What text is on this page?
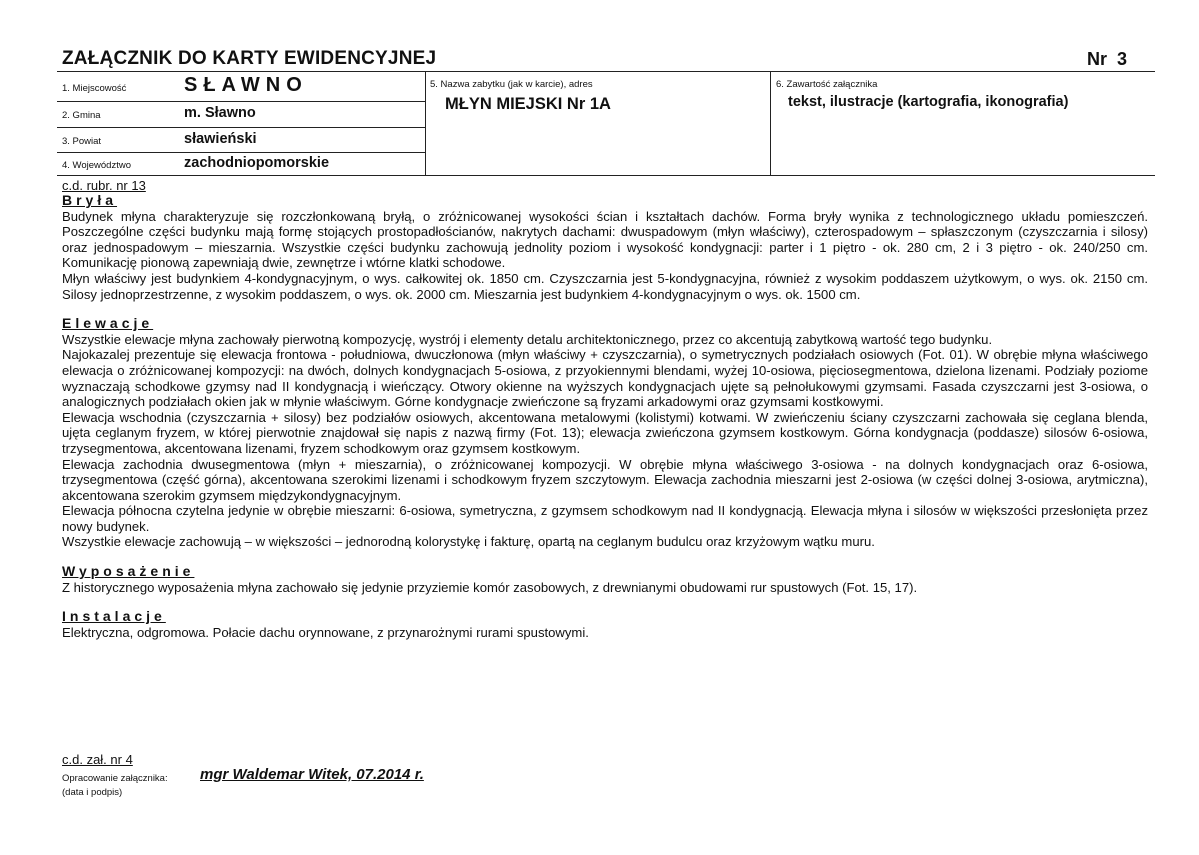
ZAŁĄCZNIK DO KARTY EWIDENCYJNEJ	Nr  3
1. Miejscowość	SŁAWNO
2. Gmina	m. Sławno
3. Powiat	sławieński
4. Województwo	zachodniopomorskie
5. Nazwa zabytku (jak w karcie), adres
MŁYN MIEJSKI Nr 1A
6. Zawartość załącznika
tekst, ilustracje (kartografia, ikonografia)
c.d. rubr. nr 13
Bryła

Budynek młyna charakteryzuje się rozczłonkowaną bryłą, o zróżnicowanej wysokości ścian i kształtach dachów. Forma bryły wynika z technologicznego układu pomieszczeń. Poszczególne części budynku mają formę stojących prostopadłościanów, nakrytych dachami: dwuspadowym (młyn właściwy), czterospadowym – spłaszczonym (czyszczarnia i silosy) oraz jednospadowym – mieszarnia. Wszystkie części budynku zachowują jednolity poziom i wysokość kondygnacji: parter i 1 piętro - ok. 280 cm, 2 i 3 piętro - ok. 240/250 cm. Komunikację pionową zapewniają dwie, zewnętrze i wtórne klatki schodowe.

Młyn właściwy jest budynkiem 4-kondygnacyjnym, o wys. całkowitej ok. 1850 cm. Czyszczarnia jest 5-kondygnacyjna, również z wysokim poddaszem użytkowym, o wys. ok. 2150 cm. Silosy jednoprzestrzenne, z wysokim poddaszem, o wys. ok. 2000 cm. Mieszarnia jest budynkiem 4-kondygnacyjnym o wys. ok. 1500 cm.

Elewacje

Wszystkie elewacje młyna zachowały pierwotną kompozycję, wystrój i elementy detalu architektonicznego, przez co akcentują zabytkową wartość tego budynku.

Najokazalej prezentuje się elewacja frontowa - południowa, dwuczłonowa (młyn właściwy + czyszczarnia), o symetrycznych podziałach osiowych (Fot. 01). W obrębie młyna właściwego elewacja o zróżnicowanej kompozycji: na dwóch, dolnych kondygnacjach 5-osiowa, z przyokiennymi blendami, wyżej 10-osiowa, pięciosegmentowa, dzielona lizenami. Podziały poziome wyznaczają schodkowe gzymsy nad II kondygnacją i wieńczący. Otwory okienne na wyższych kondygnacjach ujęte są pełnołukowymi gzymsami. Fasada czyszczarni jest 3-osiowa, o analogicznych podziałach okien jak w młynie właściwym. Górne kondygnacje zwieńczone są fryzami arkadowymi oraz gzymsami kostkowymi.

Elewacja wschodnia (czyszczarnia + silosy) bez podziałów osiowych, akcentowana metalowymi (kolistymi) kotwami. W zwieńczeniu ściany czyszczarni zachowała się ceglana blenda, ujęta ceglanym fryzem, w której pierwotnie znajdował się napis z nazwą firmy (Fot. 13); elewacja zwieńczona gzymsem kostkowym. Górna kondygnacja (poddasze) silosów 6-osiowa, trzysegmentowa, akcentowana lizenami, fryzem schodkowym oraz gzymsem kostkowym.

Elewacja zachodnia dwusegmentowa (młyn + mieszarnia), o zróżnicowanej kompozycji. W obrębie młyna właściwego 3-osiowa - na dolnych kondygnacjach oraz 6-osiowa, trzysegmentowa (część górna), akcentowana szerokimi lizenami i schodkowym fryzem szczytowym. Elewacja zachodnia mieszarni jest 2-osiowa (w części dolnej 3-osiowa, arytmiczna), akcentowana szerokim gzymsem międzykondygnacyjnym.

Elewacja północna czytelna jedynie w obrębie mieszarni: 6-osiowa, symetryczna, z gzymsem schodkowym nad II kondygnacją. Elewacja młyna i silosów w większości przesłonięta przez nowy budynek.

Wszystkie elewacje zachowują – w większości – jednorodną kolorystykę i fakturę, opartą na ceglanym budulcu oraz krzyżowym wątku muru.

Wyposażenie

Z historycznego wyposażenia młyna zachowało się jedynie przyziemie komór zasobowych, z drewnianymi obudowami rur spustowych (Fot. 15, 17).

Instalacje

Elektryczna, odgromowa. Połacie dachu orynnowane, z przynarożnymi rurami spustowymi.

c.d. zał. nr 4
Opracowanie załącznika:
(data i podpis)
mgr Waldemar Witek, 07.2014 r.
